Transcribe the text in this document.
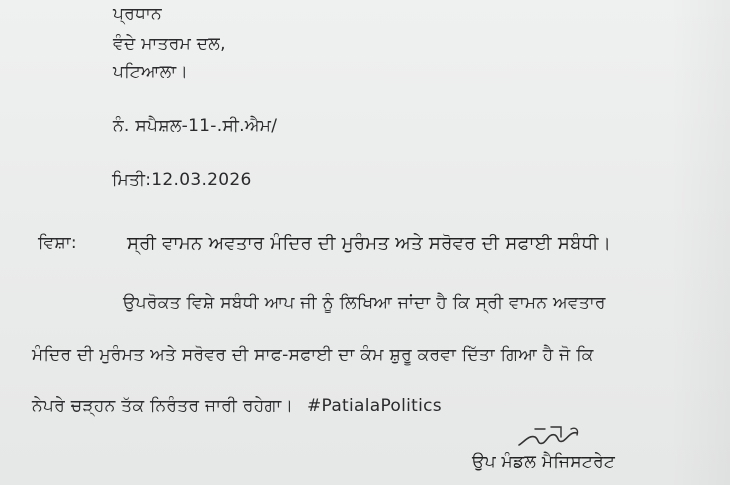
ਪ੍ਰਧਾਨ
ਵੰਦੇ ਮਾਤਰਮ ਦਲ,
ਪਟਿਆਲਾ।
ਨੰ. ਸਪੈਸ਼ਲ-11-.ਸੀ.ਐਮ/
ਮਿਤੀ:12.03.2026
ਵਿਸ਼ਾ:	ਸ੍ਰੀ ਵਾਮਨ ਅਵਤਾਰ ਮੰਦਿਰ ਦੀ ਮੁਰੰਮਤ ਅਤੇ ਸਰੋਵਰ ਦੀ ਸਫਾਈ ਸਬੰਧੀ।
ਉਪਰੋਕਤ ਵਿਸ਼ੇ ਸਬੰਧੀ ਆਪ ਜੀ ਨੂੰ ਲਿਖਿਆ ਜਾਂਦਾ ਹੈ ਕਿ ਸ੍ਰੀ ਵਾਮਨ ਅਵਤਾਰ
ਮੰਦਿਰ ਦੀ ਮੁਰੰਮਤ ਅਤੇ ਸਰੋਵਰ ਦੀ ਸਾਫ-ਸਫਾਈ ਦਾ ਕੰਮ ਸ਼ੁਰੂ ਕਰਵਾ ਦਿੱਤਾ ਗਿਆ ਹੈ ਜੋ ਕਿ
ਨੇਪਰੇ ਚੜ੍ਹਨ ਤੱਕ ਨਿਰੰਤਰ ਜਾਰੀ ਰਹੇਗਾ। #PatialaPolitics
ਉਪ ਮੰਡਲ ਮੈਜਿਸਟਰੇਟ
